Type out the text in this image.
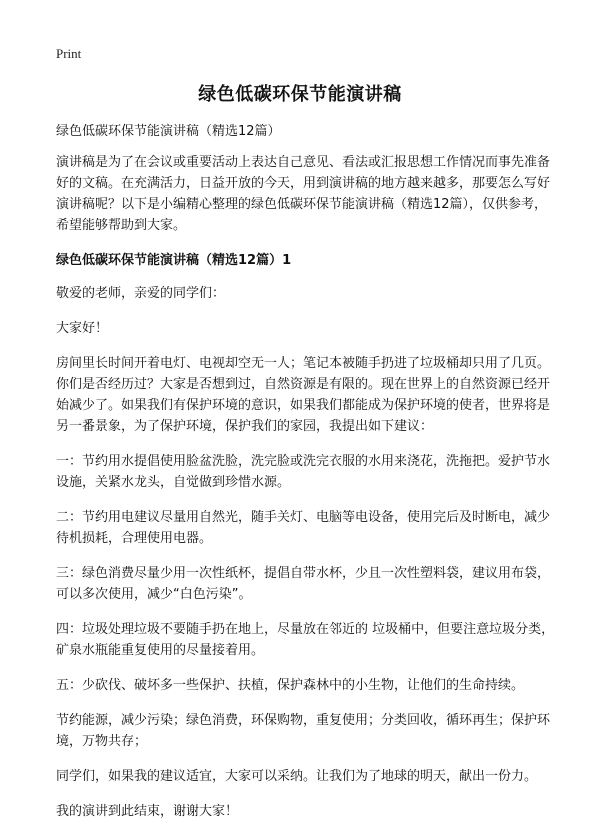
Print
绿色低碳环保节能演讲稿

绿色低碳环保节能演讲稿（精选12篇）

演讲稿是为了在会议或重要活动上表达自己意见、看法或汇报思想工作情况而事先准备好的文稿。在充满活力，日益开放的今天，用到演讲稿的地方越来越多，那要怎么写好演讲稿呢？以下是小编精心整理的绿色低碳环保节能演讲稿（精选12篇），仅供参考，希望能够帮助到大家。

绿色低碳环保节能演讲稿（精选12篇）1

敬爱的老师，亲爱的同学们：

大家好！

房间里长时间开着电灯、电视却空无一人；笔记本被随手扔进了垃圾桶却只用了几页。你们是否经历过？大家是否想到过，自然资源是有限的。现在世界上的自然资源已经开始减少了。如果我们有保护环境的意识，如果我们都能成为保护环境的使者，世界将是另一番景象，为了保护环境，保护我们的家园，我提出如下建议：

一：节约用水提倡使用脸盆洗脸，洗完脸或洗完衣服的水用来浇花，洗拖把。爱护节水设施，关紧水龙头，自觉做到珍惜水源。

二：节约用电建议尽量用自然光，随手关灯、电脑等电设备，使用完后及时断电，减少待机损耗，合理使用电器。

三：绿色消费尽量少用一次性纸杯，提倡自带水杯，少且一次性塑料袋，建议用布袋，可以多次使用，减少“白色污染”。

四：垃圾处理垃圾不要随手扔在地上，尽量放在邻近的 垃圾桶中，但要注意垃圾分类，矿泉水瓶能重复使用的尽量接着用。

五：少砍伐、破坏多一些保护、扶植，保护森林中的小生物，让他们的生命持续。

节约能源，减少污染；绿色消费，环保购物，重复使用；分类回收，循环再生；保护环境，万物共存；

同学们，如果我的建议适宜，大家可以采纳。让我们为了地球的明天，献出一份力。

我的演讲到此结束，谢谢大家！
